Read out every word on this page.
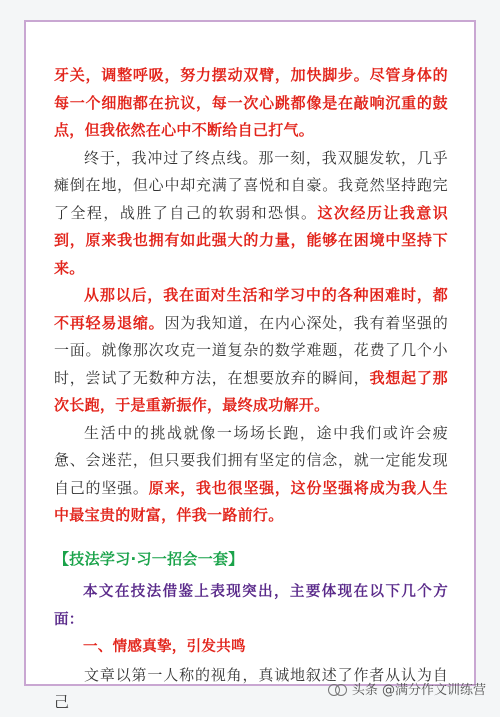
牙关，调整呼吸，努力摆动双臂，加快脚步。尽管身体的每一个细胞都在抗议，每一次心跳都像是在敲响沉重的鼓点，但我依然在心中不断给自己打气。

终于，我冲过了终点线。那一刻，我双腿发软，几乎瘫倒在地，但心中却充满了喜悦和自豪。我竟然坚持跑完了全程，战胜了自己的软弱和恐惧。这次经历让我意识到，原来我也拥有如此强大的力量，能够在困境中坚持下来。

从那以后，我在面对生活和学习中的各种困难时，都不再轻易退缩。因为我知道，在内心深处，我有着坚强的一面。就像那次攻克一道复杂的数学难题，花费了几个小时，尝试了无数种方法，在想要放弃的瞬间，我想起了那次长跑，于是重新振作，最终成功解开。

生活中的挑战就像一场场长跑，途中我们或许会疲惫、会迷茫，但只要我们拥有坚定的信念，就一定能发现自己的坚强。原来，我也很坚强，这份坚强将成为我人生中最宝贵的财富，伴我一路前行。

【技法学习·习一招会一套】

本文在技法借鉴上表现突出，主要体现在以下几个方面：

一、情感真挚，引发共鸣

文章以第一人称的视角，真诚地叙述了作者从认为自己

头条 @满分作文训练营
